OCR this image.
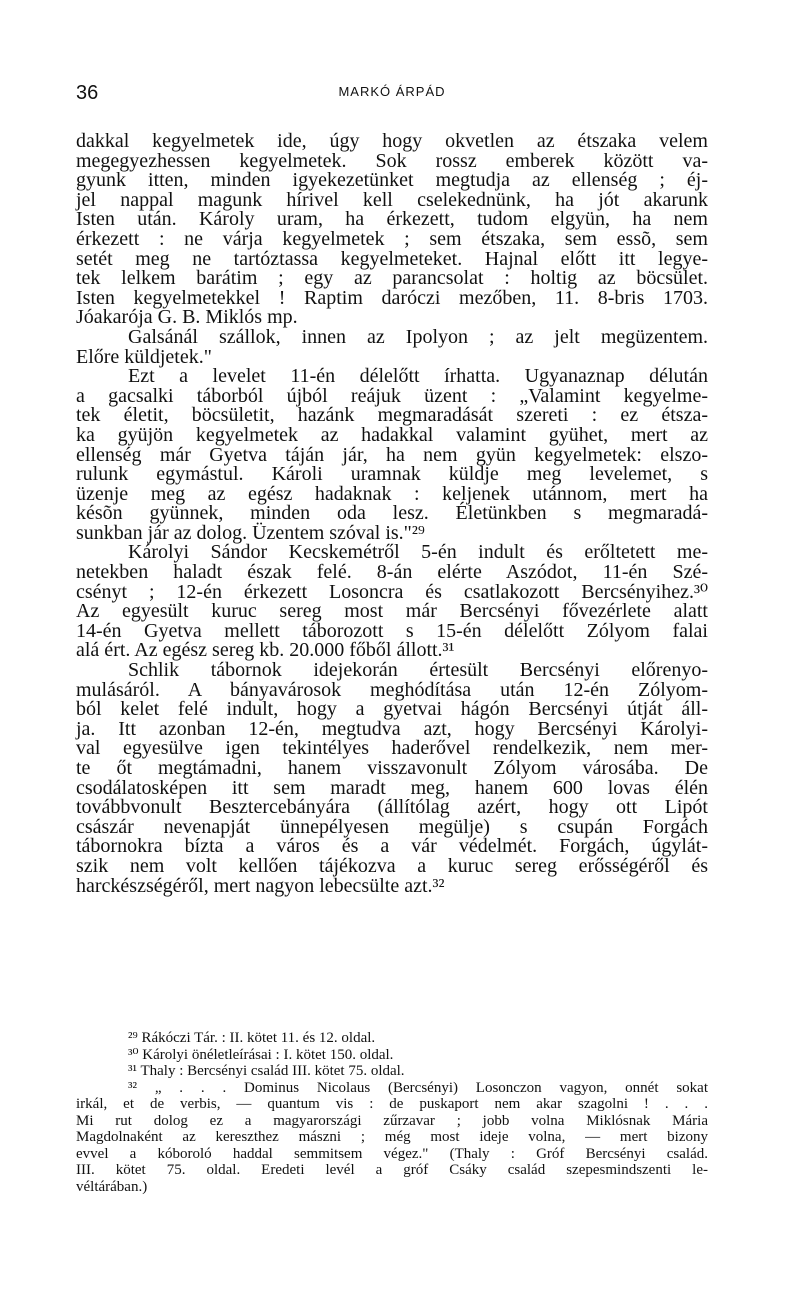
36	MARKÓ ÁRPÁD
dakkal kegyelmetek ide, úgy hogy okvetlen az étszaka velem
megegyezhessen kegyelmetek. Sok rossz emberek között va-
gyunk itten, minden igyekezetünket megtudja az ellenség ; éj-
jel nappal magunk hírivel kell cselekednünk, ha jót akarunk
Isten után. Károly uram, ha érkezett, tudom elgyün, ha nem
érkezett : ne várja kegyelmetek ; sem étszaka, sem essõ, sem
setét meg ne tartóztassa kegyelmeteket. Hajnal előtt itt legye-
tek lelkem barátim ; egy az parancsolat : holtig az böcsület.
Isten kegyelmetekkel ! Raptim daróczi mezőben, 11. 8-bris 1703.
Jóakarója G. B. Miklós mp.
Galsánál szállok, innen az Ipolyon ; az jelt megüzentem.
Előre küldjetek."
Ezt a levelet 11-én délelőtt írhatta. Ugyanaznap délután
a gacsalki táborból újból reájuk üzent : „Valamint kegyelme-
tek életit, böcsületit, hazánk megmaradását szereti : ez étsza-
ka gyüjön kegyelmetek az hadakkal valamint gyühet, mert az
ellenség már Gyetva táján jár, ha nem gyün kegyelmetek: elszo-
rulunk egymástul. Károli uramnak küldje meg levelemet, s
üzenje meg az egész hadaknak : keljenek utánnom, mert ha
késõn gyünnek, minden oda lesz. Életünkben s megmaradá-
sunkban jár az dolog. Üzentem szóval is."²⁹
Károlyi Sándor Kecskemétről 5-én indult és erőltetett me-
netekben haladt észak felé. 8-án elérte Aszódot, 11-én Szé-
csényt ; 12-én érkezett Losoncra és csatlakozott Bercsényihez.³⁰
Az egyesült kuruc sereg most már Bercsényi fővezérlete alatt
14-én Gyetva mellett táborozott s 15-én délelőtt Zólyom falai
alá ért. Az egész sereg kb. 20.000 főből állott.³¹
Schlik tábornok idejekorán értesült Bercsényi előrenyo-
mulásáról. A bányavárosok meghódítása után 12-én Zólyom-
ból kelet felé indult, hogy a gyetvai hágón Bercsényi útját áll-
ja. Itt azonban 12-én, megtudva azt, hogy Bercsényi Károlyi-
val egyesülve igen tekintélyes haderővel rendelkezik, nem mer-
te őt megtámadni, hanem visszavonult Zólyom városába. De
csodálatosképen itt sem maradt meg, hanem 600 lovas élén
továbbvonult Besztercebányára (állítólag azért, hogy ott Lipót
császár nevenapját ünnepélyesen megülje) s csupán Forgách
tábornokra bízta a város és a vár védelmét. Forgách, úgylát-
szik nem volt kellően tájékozva a kuruc sereg erősségéről és
harckészségéről, mert nagyon lebecsülte azt.³²
²⁹ Rákóczi Tár. : II. kötet 11. és 12. oldal.
³⁰ Károlyi önéletleírásai : I. kötet 150. oldal.
³¹ Thaly : Bercsényi család III. kötet 75. oldal.
³² „ . . . Dominus Nicolaus (Bercsényi) Losonczon vagyon, onnét sokat
irkál, et de verbis, — quantum vis : de puskaport nem akar szagolni ! . . .
Mi rut dolog ez a magyarországi zűrzavar ; jobb volna Miklósnak Mária
Magdolnaként az kereszthez mászni ; még most ideje volna, — mert bizony
evvel a kóboroló haddal semmitsem végez." (Thaly : Gróf Bercsényi család.
III. kötet 75. oldal. Eredeti levél a gróf Csáky család szepesmindszenti le-
véltárában.)
